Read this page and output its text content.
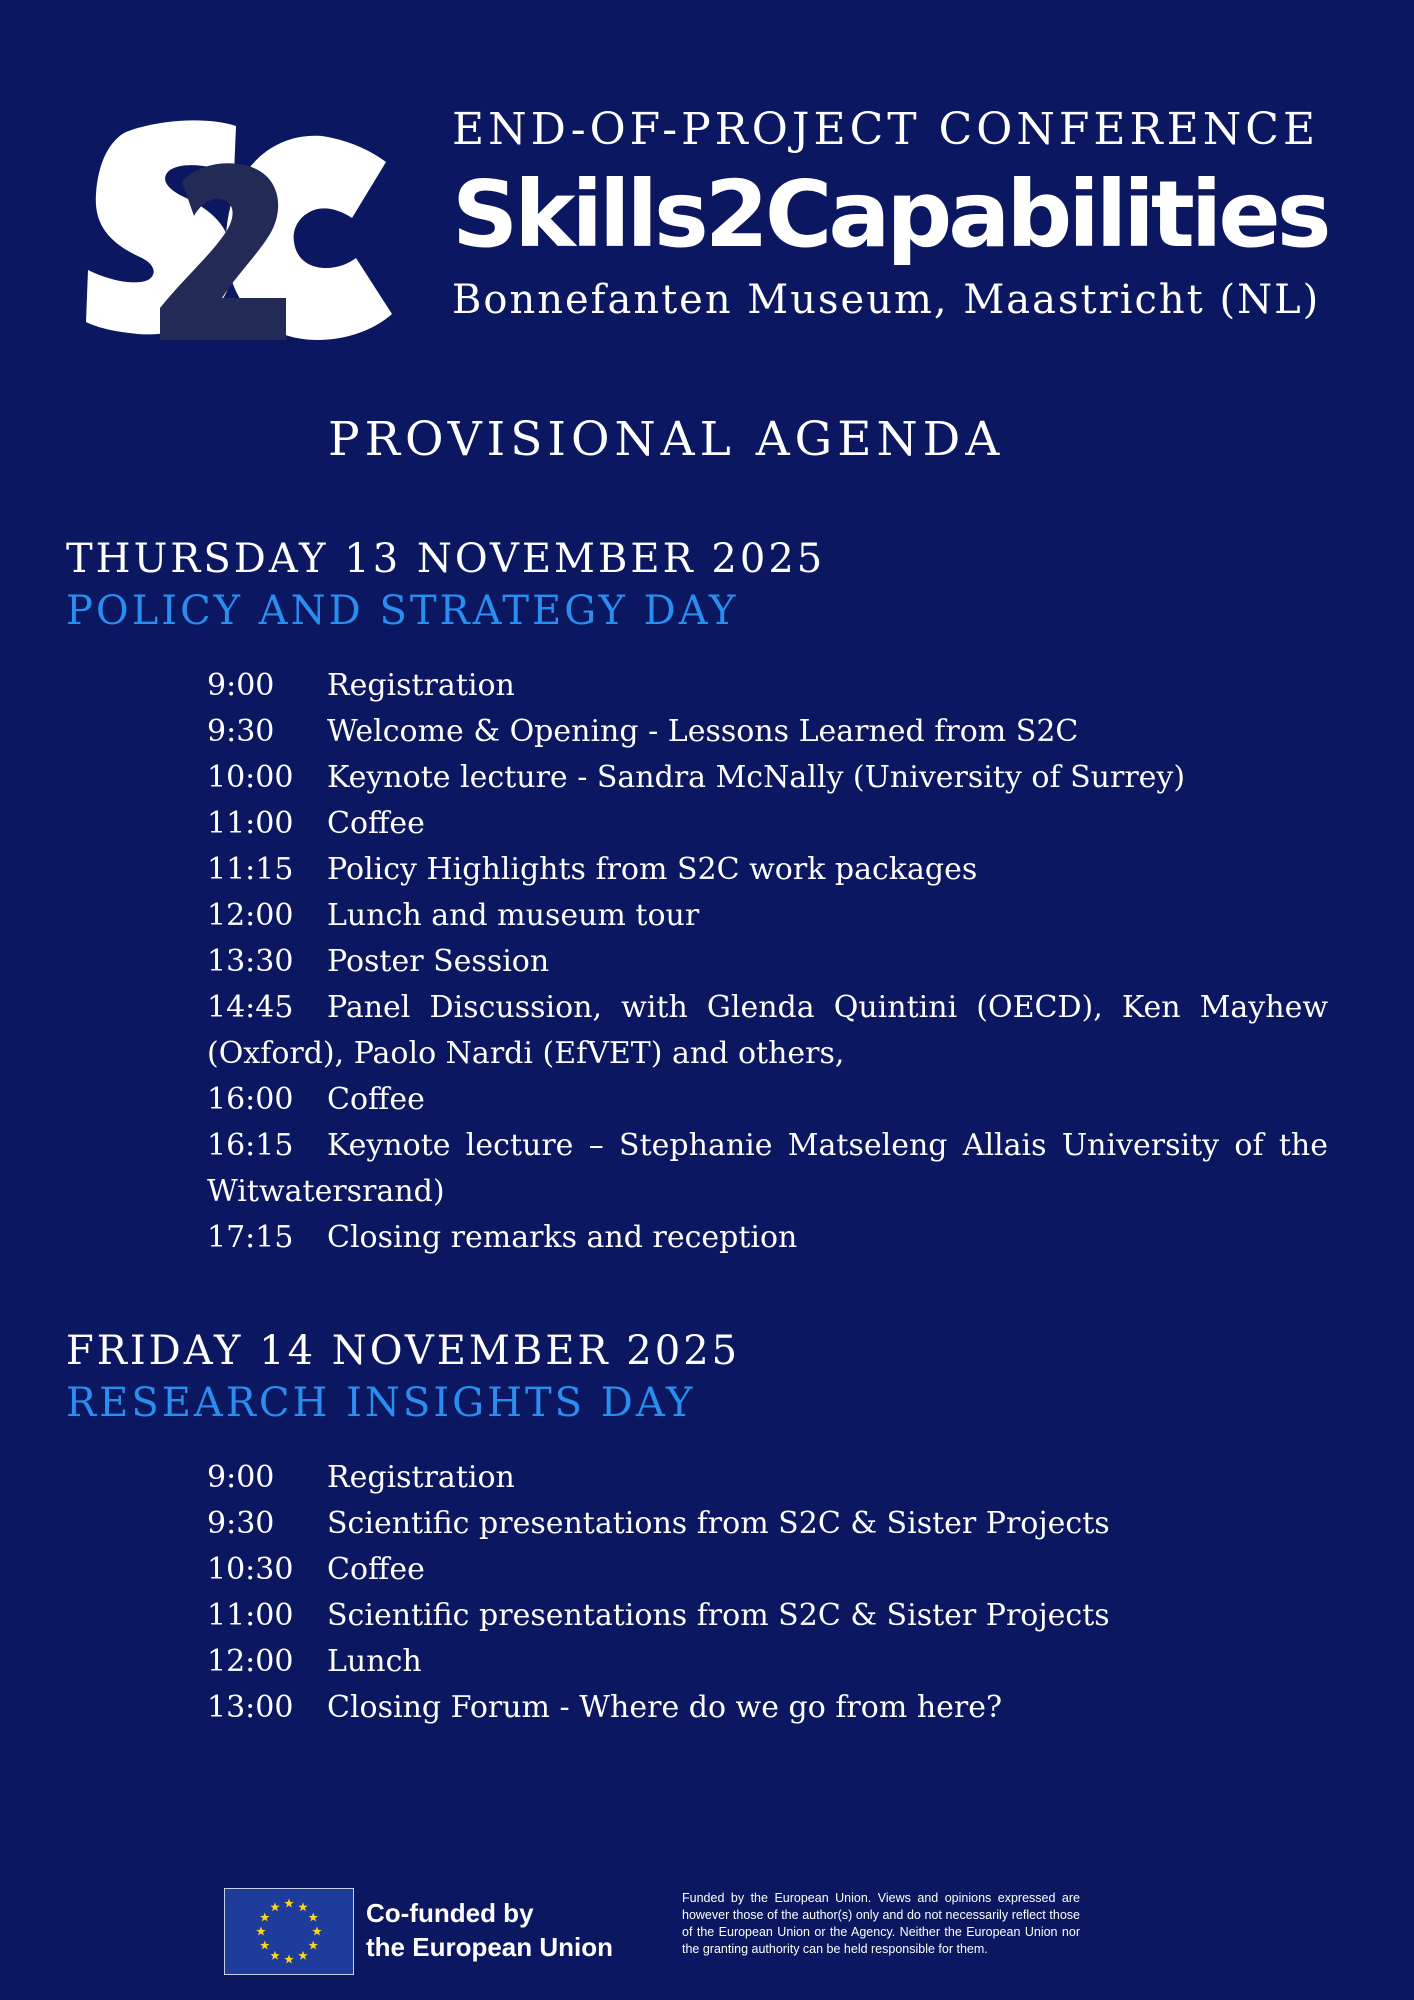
END-OF-PROJECT CONFERENCE
Skills2Capabilities

Bonnefanten Museum, Maastricht (NL)

PROVISIONAL AGENDA
THURSDAY 13 NOVEMBER 2025
POLICY AND STRATEGY DAY
9:00 Registration
9:30 Welcome & Opening - Lessons Learned from S2C
10:00 Keynote lecture - Sandra McNally (University of Surrey)
11:00 Coffee
11:15 Policy Highlights from S2C work packages
12:00 Lunch and museum tour
13:30 Poster Session
14:45 Panel Discussion, with Glenda Quintini (OECD), Ken Mayhew (Oxford), Paolo Nardi (EfVET) and others,
16:00 Coffee
16:15 Keynote lecture – Stephanie Matseleng Allais University of the Witwatersrand)
17:15 Closing remarks and reception
FRIDAY 14 NOVEMBER 2025
RESEARCH INSIGHTS DAY
9:00 Registration
9:30 Scientific presentations from S2C & Sister Projects
10:30 Coffee
11:00 Scientific presentations from S2C & Sister Projects
12:00 Lunch
13:00 Closing Forum - Where do we go from here?

Co-funded by
the European Union

Funded by the European Union. Views and opinions expressed are however those of the author(s) only and do not necessarily reflect those of the European Union or the Agency. Neither the European Union nor the granting authority can be held responsible for them.
